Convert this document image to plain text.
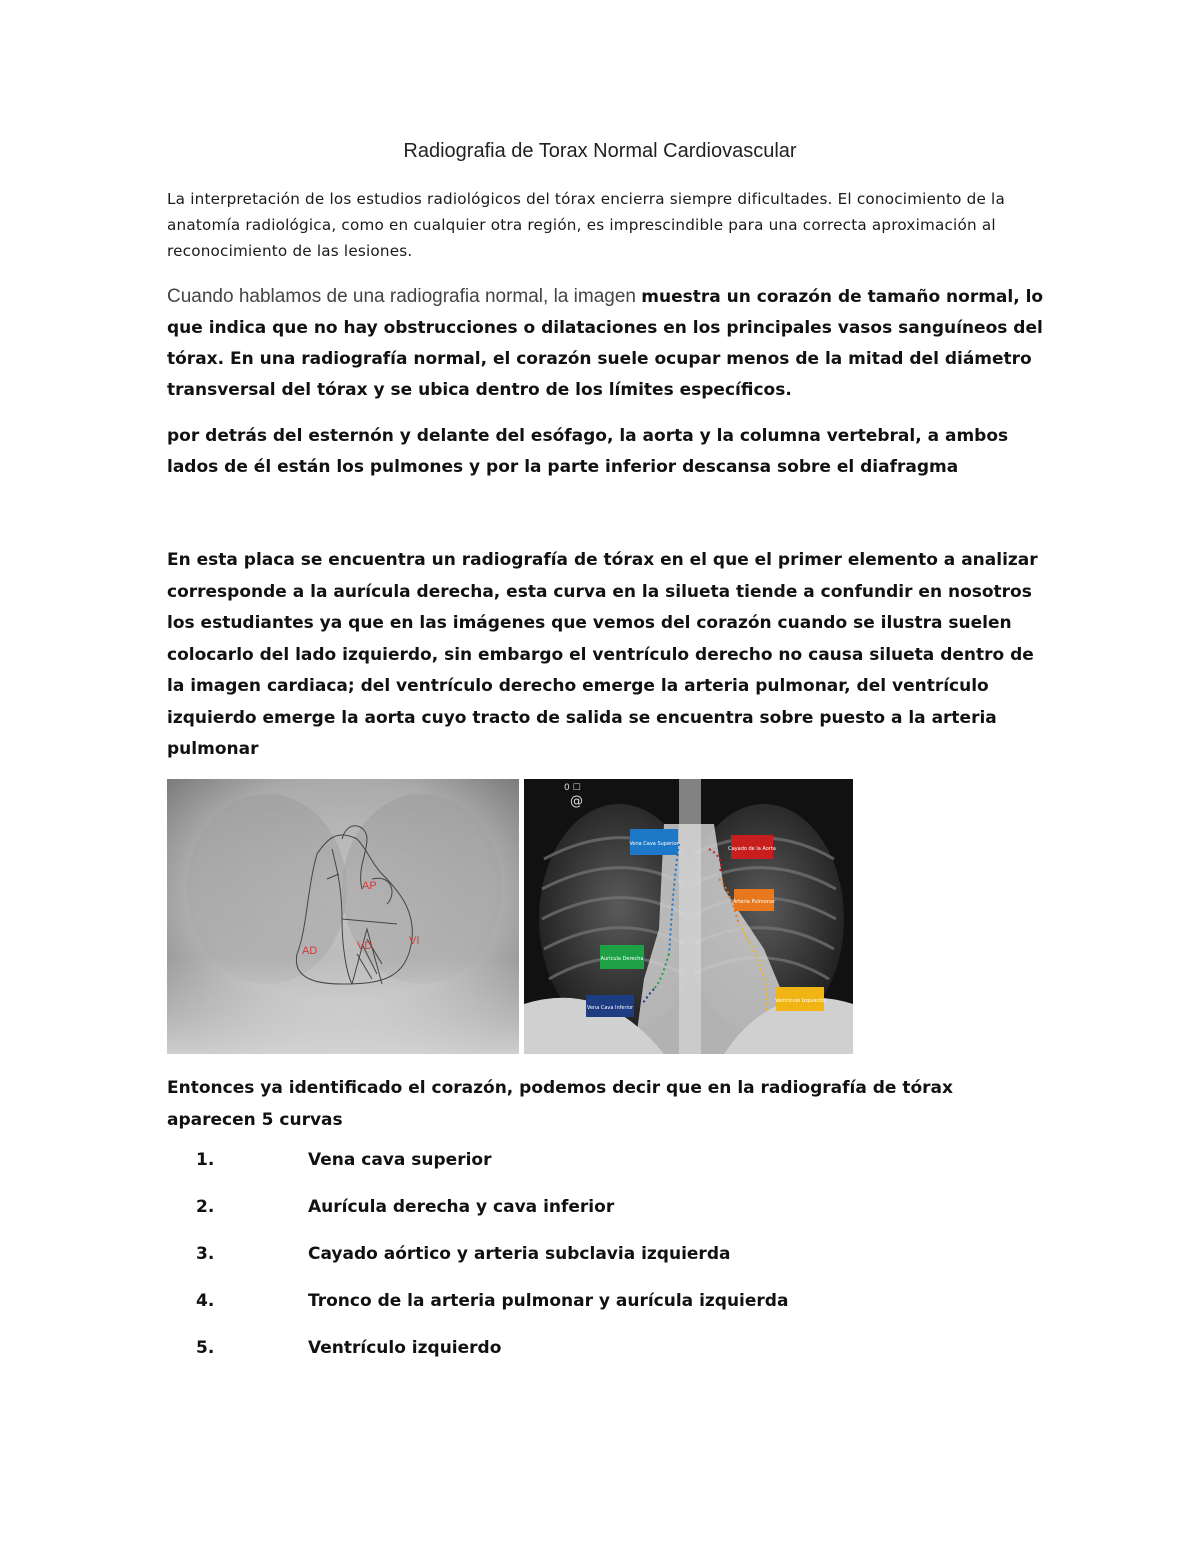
Radiografia de Torax Normal Cardiovascular

La interpretación de los estudios radiológicos del tórax encierra siempre dificultades. El conocimiento de la anatomía radiológica, como en cualquier otra región, es imprescindible para una correcta aproximación al reconocimiento de las lesiones.

Cuando hablamos de una radiografia normal, la imagen muestra un corazón de tamaño normal, lo que indica que no hay obstrucciones o dilataciones en los principales vasos sanguíneos del tórax. En una radiografía normal, el corazón suele ocupar menos de la mitad del diámetro transversal del tórax y se ubica dentro de los límites específicos.

por detrás del esternón y delante del esófago, la aorta y la columna vertebral, a ambos lados de él están los pulmones y por la parte inferior descansa sobre el diafragma

En esta placa se encuentra un radiografía de tórax en el que el primer elemento a analizar corresponde a la aurícula derecha, esta curva en la silueta tiende a confundir en nosotros los estudiantes ya que en las imágenes que vemos del corazón cuando se ilustra suelen colocarlo del lado izquierdo, sin embargo el ventrículo derecho no causa silueta dentro de la imagen cardiaca; del ventrículo derecho emerge la arteria pulmonar, del ventrículo izquierdo emerge la aorta cuyo tracto de salida se encuentra sobre puesto a la arteria pulmonar

AP
AD	VD	VI
0 ☐
@
Vena Cava Superior
Cayado de la Aorta
Arteria Pulmonar
Aurícula Derecha
Vena Cava Inferior
Ventrículo Izquierdo

Entonces ya identificado el corazón, podemos decir que en la radiografía de tórax aparecen 5 curvas

1.	Vena cava superior
2.	Aurícula derecha y cava inferior
3.	Cayado aórtico y arteria subclavia izquierda
4.	Tronco de la arteria pulmonar y aurícula izquierda
5.	Ventrículo izquierdo
